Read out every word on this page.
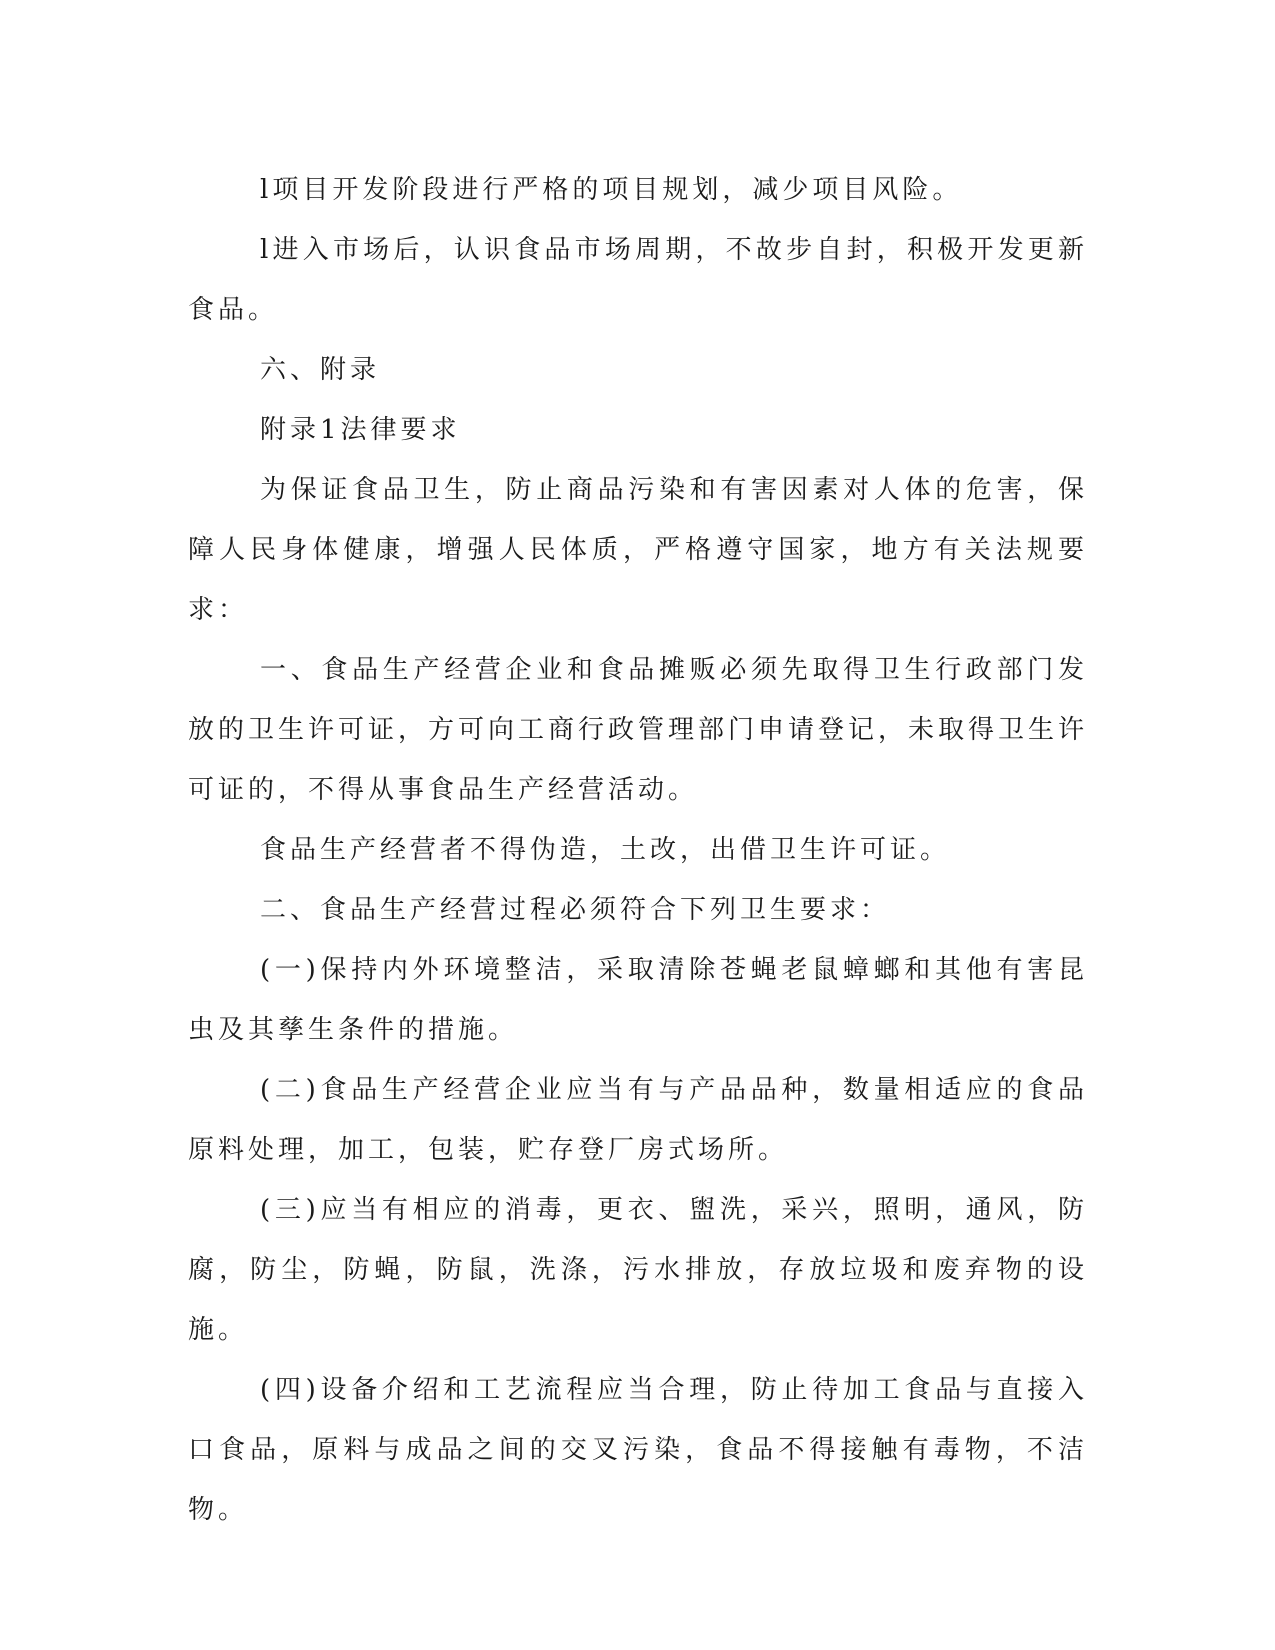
l项目开发阶段进行严格的项目规划，减少项目风险。

l进入市场后，认识食品市场周期，不故步自封，积极开发更新食品。

六、附录

附录1法律要求

为保证食品卫生，防止商品污染和有害因素对人体的危害，保障人民身体健康，增强人民体质，严格遵守国家，地方有关法规要求：

一、食品生产经营企业和食品摊贩必须先取得卫生行政部门发放的卫生许可证，方可向工商行政管理部门申请登记，未取得卫生许可证的，不得从事食品生产经营活动。

食品生产经营者不得伪造，土改，出借卫生许可证。

二、食品生产经营过程必须符合下列卫生要求：

(一)保持内外环境整洁，采取清除苍蝇老鼠蟑螂和其他有害昆虫及其孳生条件的措施。

(二)食品生产经营企业应当有与产品品种，数量相适应的食品原料处理，加工，包装，贮存登厂房式场所。

(三)应当有相应的消毒，更衣、盥洗，采兴，照明，通风，防腐，防尘，防蝇，防鼠，洗涤，污水排放，存放垃圾和废弃物的设施。

(四)设备介绍和工艺流程应当合理，防止待加工食品与直接入口食品，原料与成品之间的交叉污染，食品不得接触有毒物，不洁物。
